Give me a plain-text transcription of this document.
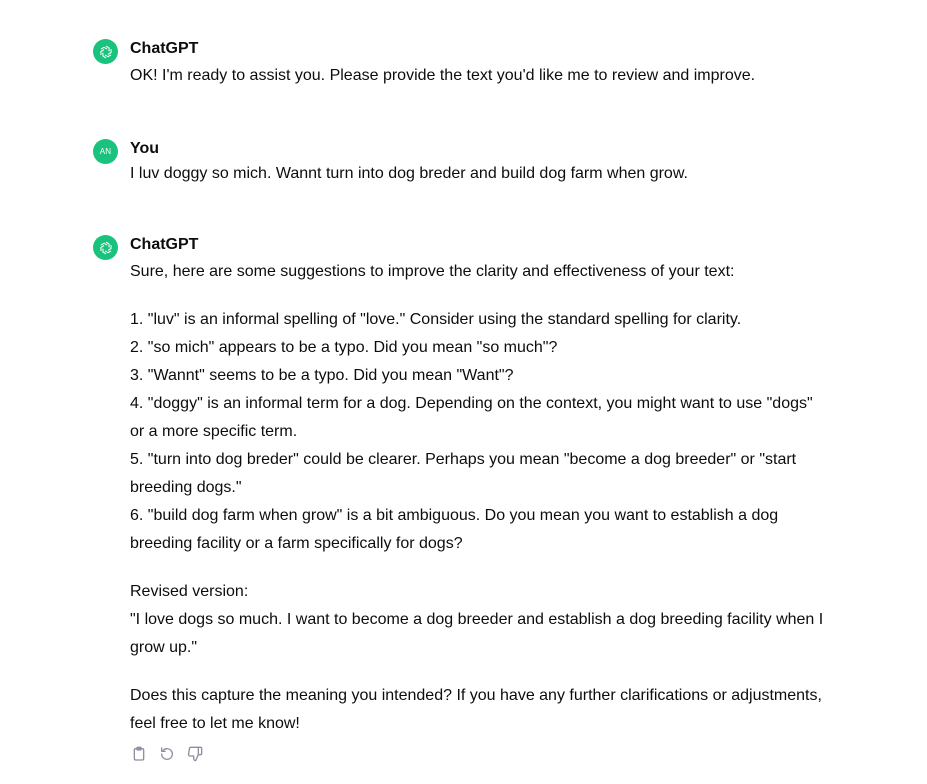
ChatGPT

OK! I'm ready to assist you. Please provide the text you'd like me to review and improve.

AN	You

I luv doggy so mich. Wannt turn into dog breder and build dog farm when grow.

ChatGPT

Sure, here are some suggestions to improve the clarity and effectiveness of your text:

1. "luv" is an informal spelling of "love." Consider using the standard spelling for clarity.
2. "so mich" appears to be a typo. Did you mean "so much"?
3. "Wannt" seems to be a typo. Did you mean "Want"?
4. "doggy" is an informal term for a dog. Depending on the context, you might want to use "dogs" or a more specific term.
5. "turn into dog breder" could be clearer. Perhaps you mean "become a dog breeder" or "start breeding dogs."
6. "build dog farm when grow" is a bit ambiguous. Do you mean you want to establish a dog breeding facility or a farm specifically for dogs?

Revised version:

"I love dogs so much. I want to become a dog breeder and establish a dog breeding facility when I grow up."

Does this capture the meaning you intended? If you have any further clarifications or adjustments, feel free to let me know!
